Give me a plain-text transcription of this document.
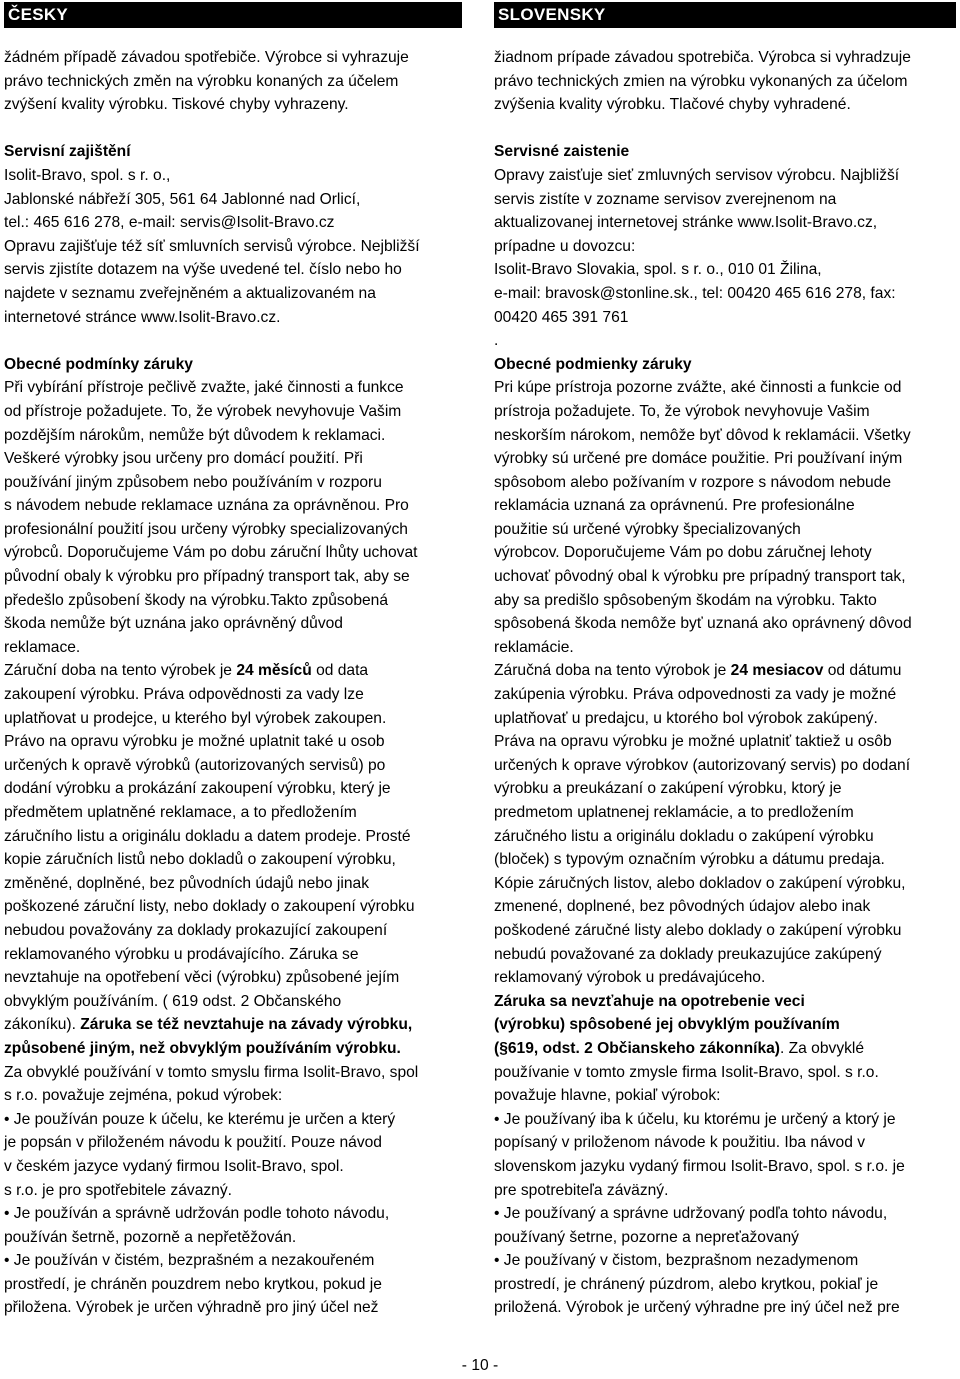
ČESKY

žádném případě závadou spotřebiče. Výrobce si vyhrazuje

právo technických změn na výrobku konaných za účelem

zvýšení kvality výrobku. Tiskové chyby vyhrazeny.

Servisní zajištění

Isolit-Bravo, spol. s r. o.,

Jablonské nábřeží 305, 561 64 Jablonné nad Orlicí,

tel.: 465 616 278, e-mail: servis@Isolit-Bravo.cz

Opravu zajišťuje též síť smluvních servisů výrobce. Nejbližší

servis zjistíte dotazem na výše uvedené tel. číslo nebo ho

najdete v seznamu zveřejněném a aktualizovaném na

internetové stránce www.Isolit-Bravo.cz.

Obecné podmínky záruky

Při vybírání přístroje pečlivě zvažte, jaké činnosti a funkce

od přístroje požadujete. To, že výrobek nevyhovuje Vašim

pozdějším nárokům, nemůže být důvodem k reklamaci.

Veškeré výrobky jsou určeny pro domácí použití. Při

používání jiným způsobem nebo používáním v rozporu

s návodem nebude reklamace uznána za oprávněnou. Pro

profesionální použití jsou určeny výrobky specializovaných

výrobců. Doporučujeme Vám po dobu záruční lhůty uchovat

původní obaly k výrobku pro případný transport tak, aby se

předešlo způsobení škody na výrobku.Takto způsobená

škoda nemůže být uznána jako oprávněný důvod

reklamace.

Záruční doba na tento výrobek je 24 měsíců od data

zakoupení výrobku. Práva odpovědnosti za vady lze

uplatňovat u prodejce, u kterého byl výrobek zakoupen.

Právo na opravu výrobku je možné uplatnit také u osob

určených k opravě výrobků (autorizovaných servisů) po

dodání výrobku a prokázání zakoupení výrobku, který je

předmětem uplatněné reklamace, a to předložením

záručního listu a originálu dokladu a datem prodeje. Prosté

kopie záručních listů nebo dokladů o zakoupení výrobku,

změněné, doplněné, bez původních údajů nebo jinak

poškozené záruční listy, nebo doklady o zakoupení výrobku

nebudou považovány za doklady prokazující zakoupení

reklamovaného výrobku u prodávajícího. Záruka se

nevztahuje na opotřebení věci (výrobku) způsobené jejím

obvyklým používáním. ( 619 odst. 2 Občanského

zákoníku). Záruka se též nevztahuje na závady výrobku,

způsobené jiným, než obvyklým používáním výrobku.

Za obvyklé používání v tomto smyslu firma Isolit-Bravo, spol

s r.o. považuje zejména, pokud výrobek:

• Je používán pouze k účelu, ke kterému je určen a který

je popsán v přiloženém návodu k použití. Pouze návod

v českém jazyce vydaný firmou Isolit-Bravo, spol.

s r.o. je pro spotřebitele závazný.

• Je používán a správně udržován podle tohoto návodu,

používán šetrně, pozorně a nepřetěžován.

• Je používán v čistém, bezprašném a nezakouřeném

prostředí, je chráněn pouzdrem nebo krytkou, pokud je

přiložena. Výrobek je určen výhradně pro jiný účel než

SLOVENSKY

žiadnom prípade závadou spotrebiča. Výrobca si vyhradzuje

právo technických zmien na výrobku vykonaných za účelom

zvýšenia kvality výrobku. Tlačové chyby vyhradené.

Servisné zaistenie

Opravy zaisťuje sieť zmluvných servisov výrobcu. Najbližší

servis zistíte v zozname servisov zverejnenom na

aktualizovanej internetovej stránke www.Isolit-Bravo.cz,

prípadne u dovozcu:

Isolit-Bravo Slovakia, spol. s r. o., 010 01 Žilina,

e-mail: bravosk@stonline.sk., tel: 00420 465 616 278, fax:

00420 465 391 761

.

Obecné podmienky záruky

Pri kúpe prístroja pozorne zvážte, aké činnosti a funkcie od

prístroja požadujete. To, že výrobok nevyhovuje Vašim

neskorším nárokom, nemôže byť dôvod k reklamácii. Všetky

výrobky sú určené pre domáce použitie. Pri používaní iným

spôsobom alebo požívaním v rozpore s návodom nebude

reklamácia uznaná za oprávnenú. Pre profesionálne

použitie sú určené výrobky špecializovaných

výrobcov. Doporučujeme Vám po dobu záručnej lehoty

uchovať pôvodný obal k výrobku pre prípadný transport tak,

aby sa predišlo spôsobeným škodám na výrobku. Takto

spôsobená škoda nemôže byť uznaná ako oprávnený dôvod

reklamácie.

Záručná doba na tento výrobok je 24 mesiacov od dátumu

zakúpenia výrobku. Práva odpovednosti za vady je možné

uplatňovať u predajcu, u ktorého bol výrobok zakúpený.

Práva na opravu výrobku je možné uplatniť taktiež u osôb

určených k oprave výrobkov (autorizovaný servis) po dodaní

výrobku a preukázaní o zakúpení výrobku, ktorý je

predmetom uplatnenej reklamácie, a to predložením

záručného listu a originálu dokladu o zakúpení výrobku

(bloček) s typovým označním výrobku a dátumu predaja.

Kópie záručných listov, alebo dokladov o zakúpení výrobku,

zmenené, doplnené, bez pôvodných údajov alebo inak

poškodené záručné listy alebo doklady o zakúpení výrobku

nebudú považované za doklady preukazujúce zakúpený

reklamovaný výrobok u predávajúceho.

Záruka sa nevzťahuje na opotrebenie veci

(výrobku) spôsobené jej obvyklým používaním

(§619, odst. 2 Občianskeho zákonníka). Za obvyklé

používanie v tomto zmysle firma Isolit-Bravo, spol. s r.o.

považuje hlavne, pokiaľ výrobok:

• Je používaný iba k účelu, ku ktorému je určený a ktorý je

popísaný v priloženom návode k použitiu. Iba návod v

slovenskom jazyku vydaný firmou Isolit-Bravo, spol. s r.o. je

pre spotrebiteľa záväzný.

• Je používaný a správne udržovaný podľa tohto návodu,

používaný šetrne, pozorne a nepreťažovaný

• Je používaný v čistom, bezprašnom nezadymenom

prostredí, je chránený púzdrom, alebo krytkou, pokiaľ je

priložená. Výrobok je určený výhradne pre iný účel než pre

- 10 -
